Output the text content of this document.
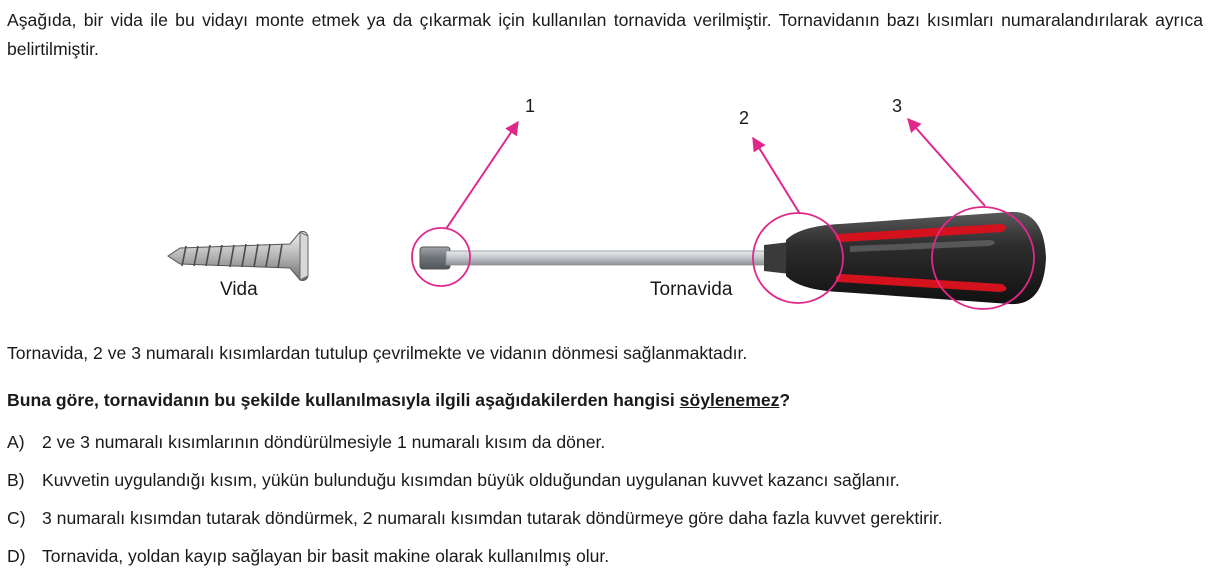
Aşağıda, bir vida ile bu vidayı monte etmek ya da çıkarmak için kullanılan tornavida verilmiştir. Tornavidanın bazı kısımları numaralandırılarak ayrıca belirtilmiştir.

1
2
3
Vida	Tornavida

Tornavida, 2 ve 3 numaralı kısımlardan tutulup çevrilmekte ve vidanın dönmesi sağlanmaktadır.

Buna göre, tornavidanın bu şekilde kullanılmasıyla ilgili aşağıdakilerden hangisi söylenemez?

A) 2 ve 3 numaralı kısımlarının döndürülmesiyle 1 numaralı kısım da döner.
B) Kuvvetin uygulandığı kısım, yükün bulunduğu kısımdan büyük olduğundan uygulanan kuvvet kazancı sağlanır.
C) 3 numaralı kısımdan tutarak döndürmek, 2 numaralı kısımdan tutarak döndürmeye göre daha fazla kuvvet gerektirir.
D) Tornavida, yoldan kayıp sağlayan bir basit makine olarak kullanılmış olur.
